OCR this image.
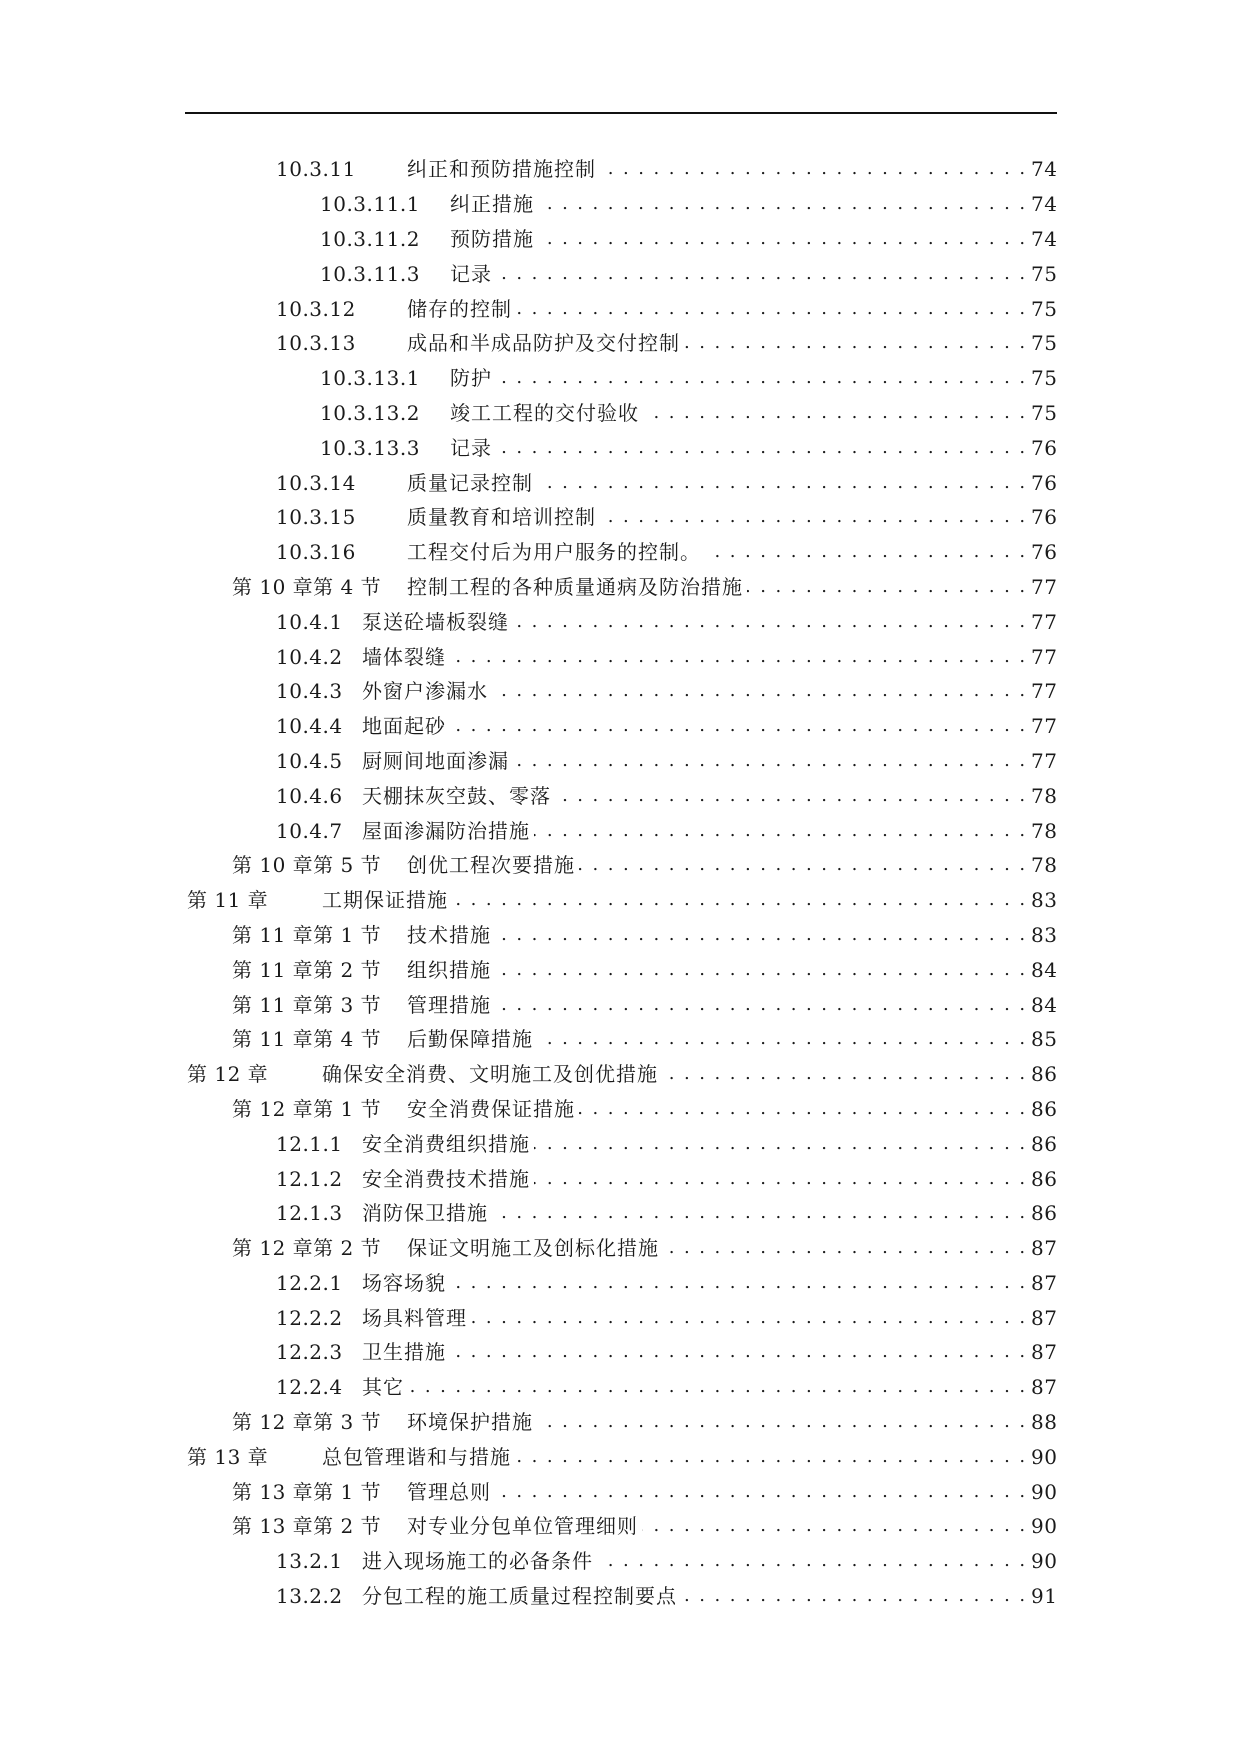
10.3.11	纠正和预防措施控制 . . .	74
10.3.11.1	纠正措施 . . .	74
10.3.11.2	预防措施 . . .	74
10.3.11.3	记录 . . .	75
10.3.12	储存的控制 . . .	75
10.3.13	成品和半成品防护及交付控制 . . .	75
10.3.13.1	防护 . . .	75
10.3.13.2	竣工工程的交付验收 . . .	75
10.3.13.3	记录 . . .	76
10.3.14	质量记录控制 . . .	76
10.3.15	质量教育和培训控制 . . .	76
10.3.16	工程交付后为用户服务的控制。 . . .	76
第 10 章第 4 节	控制工程的各种质量通病及防治措施 . . .	77
10.4.1 泵送砼墙板裂缝 . . .	77
10.4.2 墙体裂缝 . . .	77
10.4.3 外窗户渗漏水 . . .	77
10.4.4 地面起砂 . . .	77
10.4.5 厨厕间地面渗漏 . . .	77
10.4.6 天棚抹灰空鼓、零落 . . .	78
10.4.7 屋面渗漏防治措施 . . .	78
第 10 章第 5 节	创优工程次要措施 . . .	78
第 11 章	工期保证措施 . . .	83
第 11 章第 1 节	技术措施 . . .	83
第 11 章第 2 节	组织措施 . . .	84
第 11 章第 3 节	管理措施 . . .	84
第 11 章第 4 节	后勤保障措施 . . .	85
第 12 章	确保安全消费、文明施工及创优措施 . . .	86
第 12 章第 1 节	安全消费保证措施 . . .	86
12.1.1 安全消费组织措施 . . .	86
12.1.2 安全消费技术措施 . . .	86
12.1.3 消防保卫措施 . . .	86
第 12 章第 2 节	保证文明施工及创标化措施 . . .	87
12.2.1 场容场貌 . . .	87
12.2.2 场具料管理 . . .	87
12.2.3 卫生措施 . . .	87
12.2.4 其它 . . .	87
第 12 章第 3 节	环境保护措施 . . .	88
第 13 章	总包管理谐和与措施 . . .	90
第 13 章第 1 节	管理总则 . . .	90
第 13 章第 2 节	对专业分包单位管理细则 . . .	90
13.2.1 进入现场施工的必备条件 . . .	90
13.2.2 分包工程的施工质量过程控制要点 . . .	91
